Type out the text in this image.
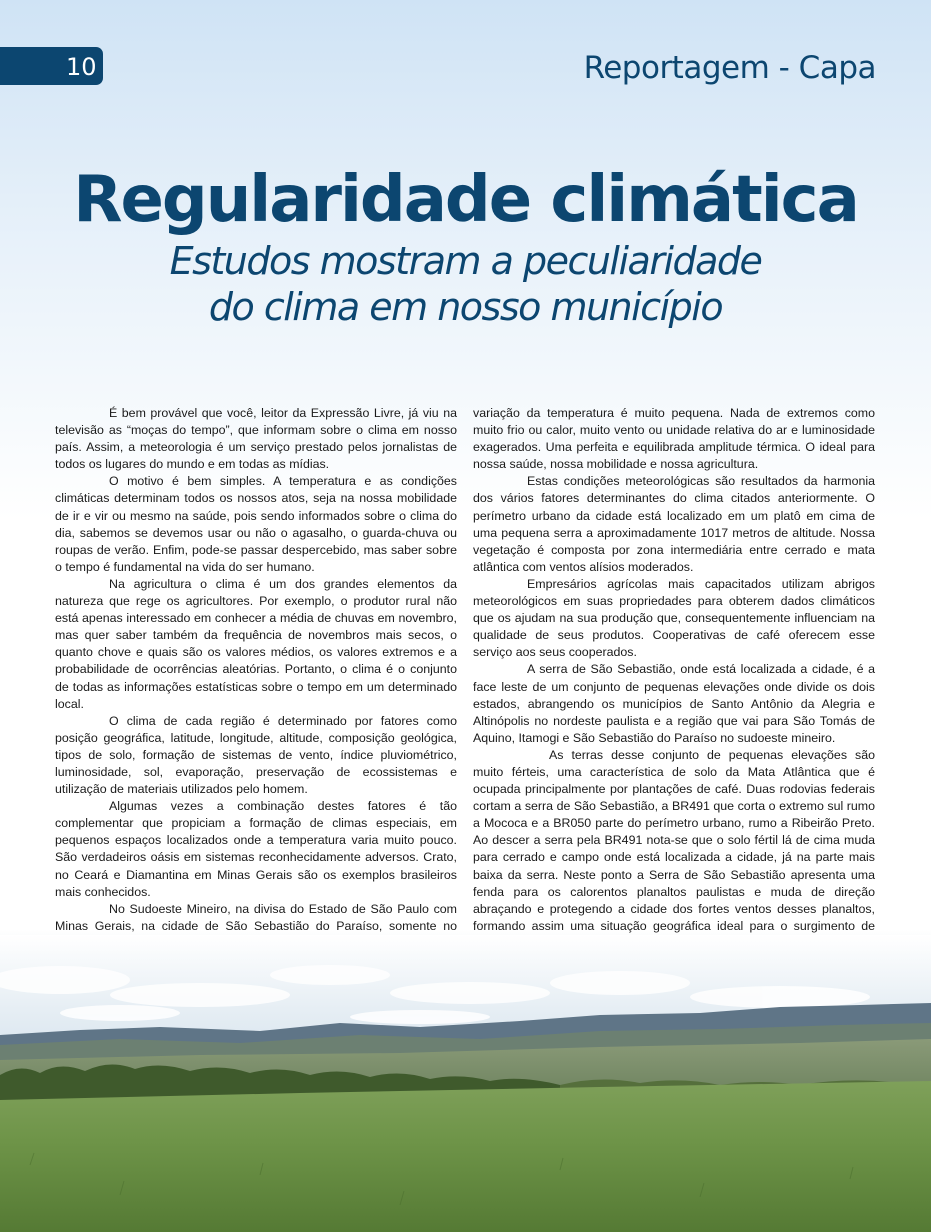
10	Reportagem - Capa
Regularidade climática
Estudos mostram a peculiaridade
do clima em nosso município

É bem provável que você, leitor da Expressão Livre, já viu na televisão as “moças do tempo”, que informam sobre o clima em nosso país. Assim, a meteorologia é um serviço prestado pelos jornalistas de todos os lugares do mundo e em todas as mídias.

O motivo é bem simples. A temperatura e as condições climáticas determinam todos os nossos atos, seja na nossa mobilidade de ir e vir ou mesmo na saúde, pois sendo informados sobre o clima do dia, sabemos se devemos usar ou não o agasalho, o guarda-chuva ou roupas de verão. Enfim, pode-se passar despercebido, mas saber sobre o tempo é fundamental na vida do ser humano.

Na agricultura o clima é um dos grandes elementos da natureza que rege os agricultores. Por exemplo, o produtor rural não está apenas interessado em conhecer a média de chuvas em novembro, mas quer saber também da frequência de novembros mais secos, o quanto chove e quais são os valores médios, os valores extremos e a probabilidade de ocorrências aleatórias. Portanto, o clima é o conjunto de todas as informações estatísticas sobre o tempo em um determinado local.

O clima de cada região é determinado por fatores como posição geográfica, latitude, longitude, altitude, composição geológica, tipos de solo, formação de sistemas de vento, índice pluviométrico, luminosidade, sol, evaporação, preservação de ecossistemas e utilização de materiais utilizados pelo homem.

Algumas vezes a combinação destes fatores é tão complementar que propiciam a formação de climas especiais, em pequenos espaços localizados onde a temperatura varia muito pouco. São verdadeiros oásis em sistemas reconhecidamente adversos. Crato, no Ceará e Diamantina em Minas Gerais são os exemplos brasileiros mais conhecidos.

No Sudoeste Mineiro, na divisa do Estado de São Paulo com Minas Gerais, na cidade de São Sebastião do Paraíso, somente no

variação da temperatura é muito pequena. Nada de extremos como muito frio ou calor, muito vento ou unidade relativa do ar e luminosidade exagerados. Uma perfeita e equilibrada amplitude térmica. O ideal para nossa saúde, nossa mobilidade e nossa agricultura.

Estas condições meteorológicas são resultados da harmonia dos vários fatores determinantes do clima citados anteriormente. O perímetro urbano da cidade está localizado em um platô em cima de uma pequena serra a aproximadamente 1017 metros de altitude. Nossa vegetação é composta por zona intermediária entre cerrado e mata atlântica com ventos alísios moderados.

Empresários agrícolas mais capacitados utilizam abrigos meteorológicos em suas propriedades para obterem dados climáticos que os ajudam na sua produção que, consequentemente influenciam na qualidade de seus produtos. Cooperativas de café oferecem esse serviço aos seus cooperados.

A serra de São Sebastião, onde está localizada a cidade, é a face leste de um conjunto de pequenas elevações onde divide os dois estados, abrangendo os municípios de Santo Antônio da Alegria e Altinópolis no nordeste paulista e a região que vai para São Tomás de Aquino, Itamogi e São Sebastião do Paraíso no sudoeste mineiro.

As terras desse conjunto de pequenas elevações são muito férteis, uma característica de solo da Mata Atlântica que é ocupada principalmente por plantações de café. Duas rodovias federais cortam a serra de São Sebastião, a BR491 que corta o extremo sul rumo a Mococa e a BR050 parte do perímetro urbano, rumo a Ribeirão Preto. Ao descer a serra pela BR491 nota-se que o solo fértil lá de cima muda para cerrado e campo onde está localizada a cidade, já na parte mais baixa da serra. Neste ponto a Serra de São Sebastião apresenta uma fenda para os calorentos planaltos paulistas e muda de direção abraçando e protegendo a cidade dos fortes ventos desses planaltos, formando assim uma situação geográfica ideal para o surgimento de
